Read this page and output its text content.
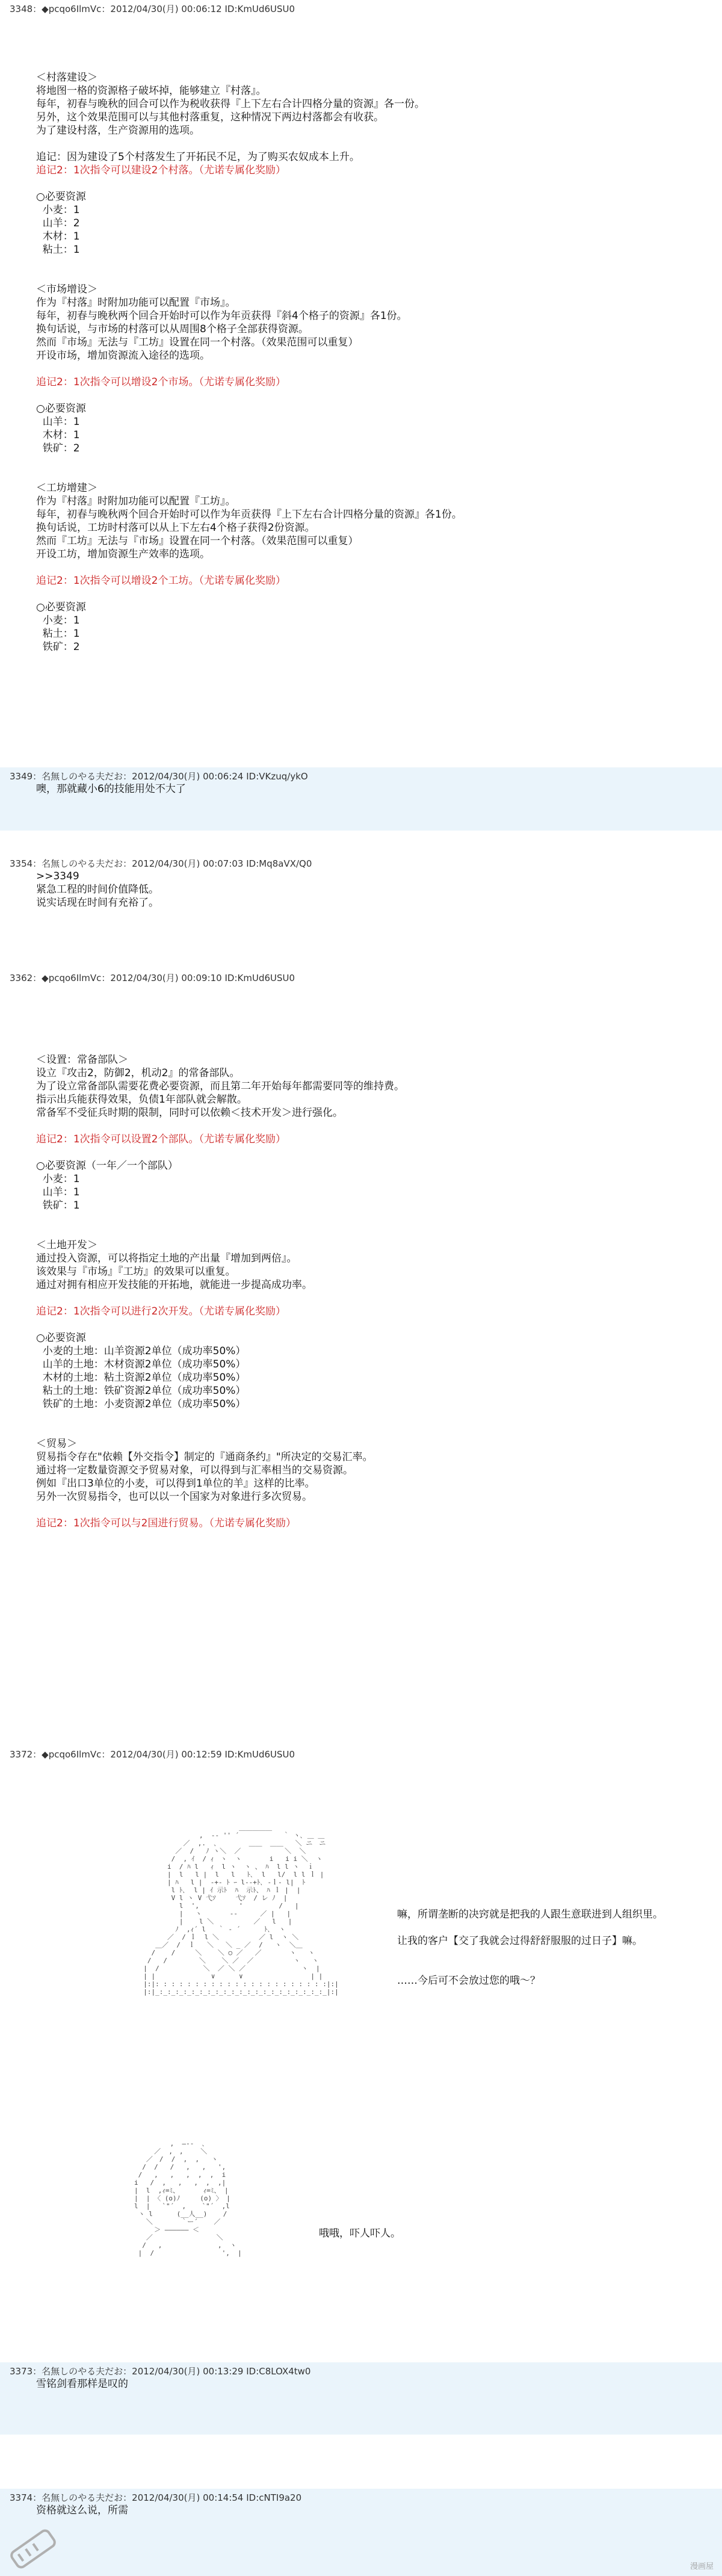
3348：◆pcqo6IlmVc：2012/04/30(月) 00:06:12 ID:KmUd6USU0
＜村落建设＞
将地图一格的资源格子破坏掉，能够建立『村落』。
每年，初春与晚秋的回合可以作为税收获得『上下左右合计四格分量的资源』各一份。
另外，这个效果范围可以与其他村落重复，这种情况下两边村落都会有收获。
为了建设村落，生产资源用的选项。

追记：因为建设了5个村落发生了开拓民不足，为了购买农奴成本上升。
追记2：1次指令可以建设2个村落。（尤诺专属化奖励）

○必要资源
小麦：1
山羊：2
木材：1
粘土：1

＜市场增设＞
作为『村落』时附加功能可以配置『市场』。
每年，初春与晚秋两个回合开始时可以作为年贡获得『斜4个格子的资源』各1份。
换句话说，与市场的村落可以从周围8个格子全部获得资源。
然而『市场』无法与『工坊』设置在同一个村落。（效果范围可以重复）
开设市场，增加资源流入途径的选项。

追记2：1次指令可以增设2个市场。（尤诺专属化奖励）

○必要资源
山羊：1
木材：1
铁矿：2

＜工坊增建＞
作为『村落』时附加功能可以配置『工坊』。
每年，初春与晚秋两个回合开始时可以作为年贡获得『上下左右合计四格分量的资源』各1份。
换句话说，工坊时村落可以从上下左右4个格子获得2份资源。
然而『工坊』无法与『市场』设置在同一个村落。（效果范围可以重复）
开设工坊，增加资源生产效率的选项。

追记2：1次指令可以增设2个工坊。（尤诺专属化奖励）

○必要资源
小麦：1
粘土：1
铁矿：2
3349：名無しのやる夫だお：2012/04/30(月) 00:06:24 ID:VKzuq/ykO
噢，那就藏小6的技能用处不大了
3354：名無しのやる夫だお：2012/04/30(月) 00:07:03 ID:Mq8aVX/Q0
>>3349
紧急工程的时间价值降低。
说实话现在时间有充裕了。
3362：◆pcqo6IlmVc：2012/04/30(月) 00:09:10 ID:KmUd6USU0
＜设置：常备部队＞
设立『攻击2，防御2，机动2』的常备部队。
为了设立常备部队需要花费必要资源，而且第二年开始每年都需要同等的维持费。
指示出兵能获得效果，负债1年部队就会解散。
常备军不受征兵时期的限制，同时可以依赖＜技术开发＞进行强化。

追记2：1次指令可以设置2个部队。（尤诺专属化奖励）

○必要资源（一年／一个部队）
小麦：1
山羊：1
铁矿：1

＜土地开发＞
通过投入资源，可以将指定土地的产出量『增加到两倍』。
该效果与『市场』『工坊』的效果可以重复。
通过对拥有相应开发技能的开拓地，就能进一步提高成功率。

追记2：1次指令可以进行2次开发。（尤诺专属化奖励）

○必要资源
小麦的土地：山羊资源2单位（成功率50%）
山羊的土地：木材资源2单位（成功率50%）
木材的土地：粘土资源2单位（成功率50%）
粘土的土地：铁矿资源2单位（成功率50%）
铁矿的土地：小麦资源2单位（成功率50%）

＜贸易＞
贸易指令存在"依赖【外交指令】制定的『通商条约』"所决定的交易汇率。
通过将一定数量资源交予贸易对象，可以得到与汇率相当的交易资源。
例如『出口3单位的小麦，可以得到1单位的羊』这样的比率。
另外一次贸易指令，也可以以一个国家为对象进行多次贸易。

追记2：1次指令可以与2国进行贸易。（尤诺专属化奖励）
3372：◆pcqo6IlmVc：2012/04/30(月) 00:12:59 ID:KmUd6USU0
＿＿＿＿＿
,  -‐ '' ´           ｀ ヽ､ ＿ ＿
／  ,.  ､        ＿＿  ＿＿   ＼ ニ　ニ
／  /   ﾉ ヽ＼  ／           ＼  ＼
/  , ｲ  / ｨ　ヽ  ヽ       i   i i ＼  ヽ
i  / ﾊ l   ｨ  l ヽ  ヽ 、 ﾊ  l l ヽ  ｉ
|  l   l |  l   l   ﾄ､  l   l/  l l ｌ |
| ﾊ   l |  ‐+‐ ﾄ ｰ l-‐+ﾄ､ ‐ｌ‐ l|  ﾄ
l ﾄ､  l | ｲ 示ﾄ  ﾊ  示ﾄ、 ﾊ ｌ |  |
V l ヽ V 弋ｿ     弋ｿ  / レ ﾉ  |
l  ',          '         /   |
|   ヽ       ‐‐   　 ／ |   |
|    l ＼          ／   l   |
ﾉ  ,ｨ´ l   ｀ ‐ ´      ﾄ､  ヽ
／  / ｌ  l ＼          ／ l  ヽ ＼
＿／  /  ｌ   ＼   ＼ _ ／  /   ヽ  ＼＿
/    /     ＼    ＼ ○ ／   ／       ヽ   ヽ
/   /        ＼    ＼ ／  ／          ヽ   ヽ
|  /           ＼  ／ ＼ ／              ヽ  |
| |              ∨      ∨                 | |
|:|: : : : : : : : : : : : : : : : : : : : : :|:|
|:|_:_:_:_:_:_:_:_:_:_:_:_:_:_:_:_:_:_:_:_:_:_|:|
嘛，所谓垄断的决窍就是把我的人跟生意联进到人组织里。

让我的客户【交了我就会过得舒舒服服的过日子】嘛。

……今后可不会放过您的哦～？
,  ―‐-  ､
／  ,　,　　 ＼
／　/  /  ,  ,   ヽ
/  /   /   ,   ,   ',
/   ,   ,   ,  ,  ,  i
i   /  ,   ,   ,  ,  ,|
|  l  ,ｨ=ﾐ、      ｨ=ﾐ、 |
|  | 〈 (o)ﾉ     (o) 〉 |
l  |   `"´  ,    `"´  ,l
ヽ l      (__人__)    /
＼       ｀ー´    ／
＞ ―――――― ＜
／                ＼
/   ,              ,  ヽ
|  /                 ',  |
哦哦，吓人吓人。
3373：名無しのやる夫だお：2012/04/30(月) 00:13:29 ID:C8LOX4tw0
雪铭剑看那样是叹的
3374：名無しのやる夫だお：2012/04/30(月) 00:14:54 ID:cNTI9a20
资格就这么说，所需
漫画屋
